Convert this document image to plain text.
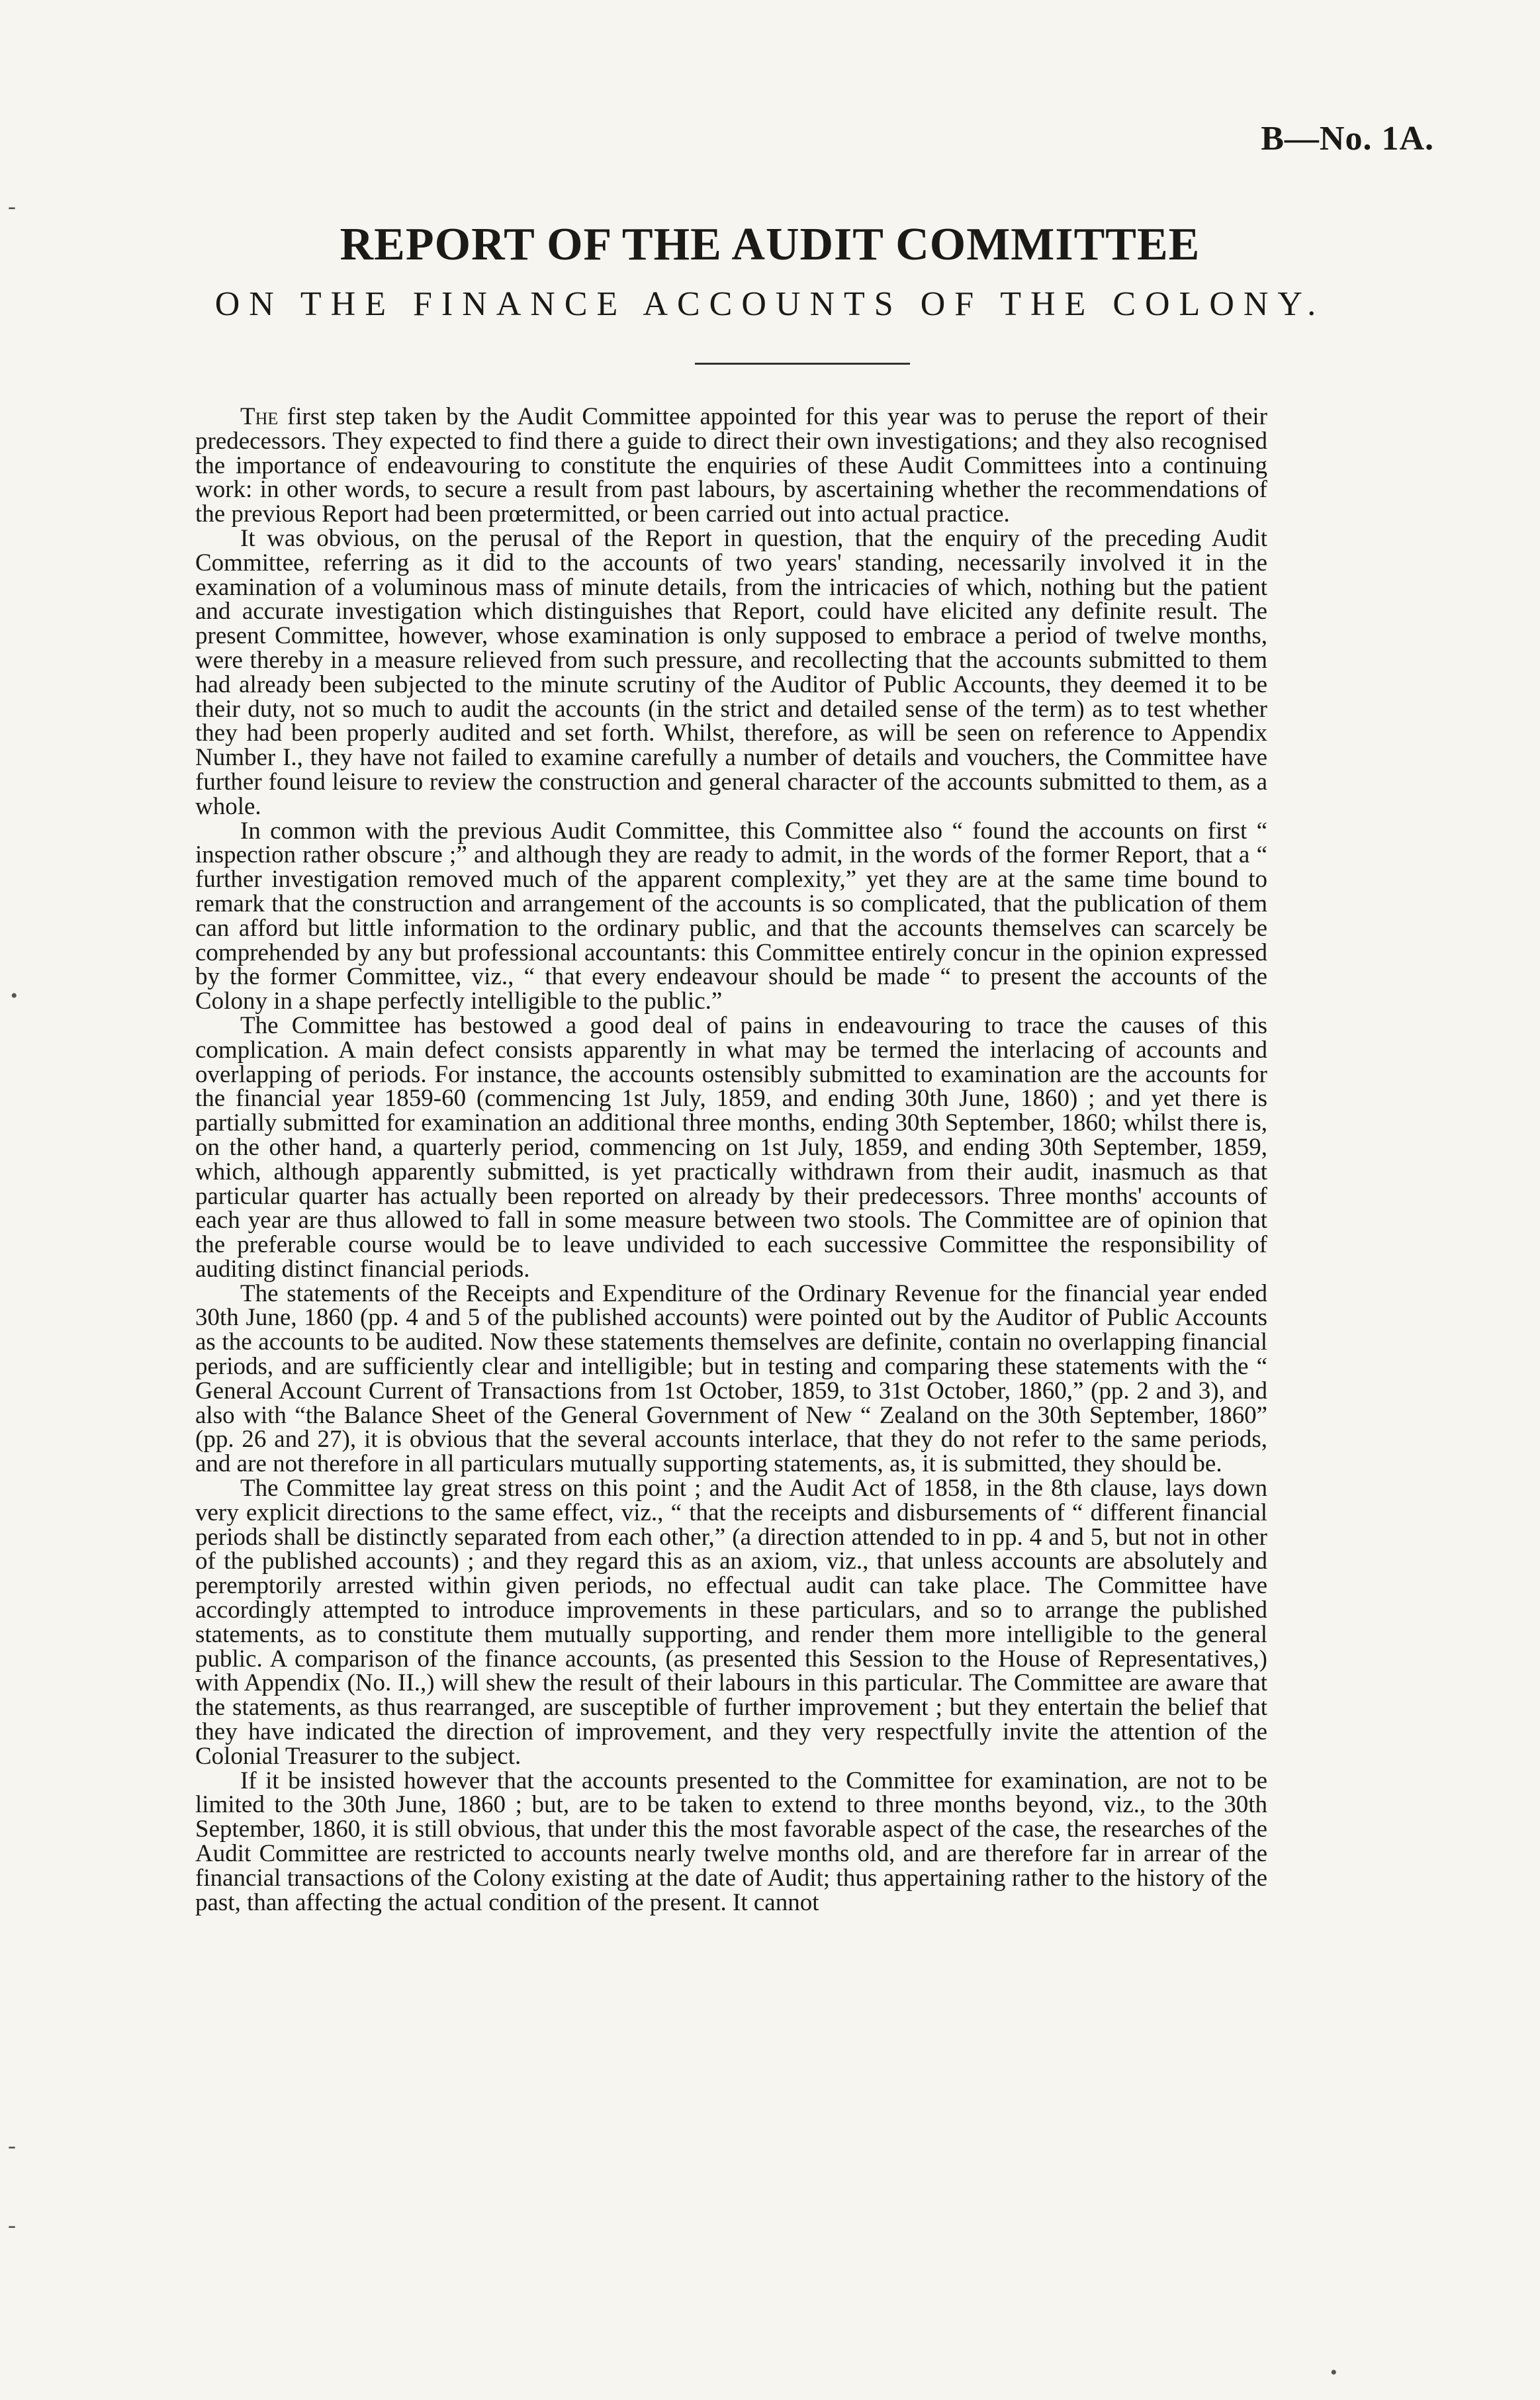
B—No. 1A.
REPORT OF THE AUDIT COMMITTEE
ON THE FINANCE ACCOUNTS OF THE COLONY.

The first step taken by the Audit Committee appointed for this year was to peruse the report of their predecessors. They expected to find there a guide to direct their own investigations; and they also recognised the importance of endeavouring to constitute the enquiries of these Audit Committees into a continuing work: in other words, to secure a result from past labours, by ascertaining whether the recommendations of the previous Report had been prœtermitted, or been carried out into actual practice.

It was obvious, on the perusal of the Report in question, that the enquiry of the preceding Audit Committee, referring as it did to the accounts of two years' standing, necessarily involved it in the examination of a voluminous mass of minute details, from the intricacies of which, nothing but the patient and accurate investigation which distinguishes that Report, could have elicited any definite result. The present Committee, however, whose examination is only supposed to embrace a period of twelve months, were thereby in a measure relieved from such pressure, and recollecting that the accounts submitted to them had already been subjected to the minute scrutiny of the Auditor of Public Accounts, they deemed it to be their duty, not so much to audit the accounts (in the strict and detailed sense of the term) as to test whether they had been properly audited and set forth. Whilst, therefore, as will be seen on reference to Appendix Number I., they have not failed to examine carefully a number of details and vouchers, the Committee have further found leisure to review the construction and general character of the accounts submitted to them, as a whole.

In common with the previous Audit Committee, this Committee also “ found the accounts on first “ inspection rather obscure ;” and although they are ready to admit, in the words of the former Report, that a “ further investigation removed much of the apparent complexity,” yet they are at the same time bound to remark that the construction and arrangement of the accounts is so complicated, that the publication of them can afford but little information to the ordinary public, and that the accounts themselves can scarcely be comprehended by any but professional accountants: this Committee entirely concur in the opinion expressed by the former Committee, viz., “ that every endeavour should be made “ to present the accounts of the Colony in a shape perfectly intelligible to the public.”

The Committee has bestowed a good deal of pains in endeavouring to trace the causes of this complication. A main defect consists apparently in what may be termed the interlacing of accounts and overlapping of periods. For instance, the accounts ostensibly submitted to examination are the accounts for the financial year 1859-60 (commencing 1st July, 1859, and ending 30th June, 1860) ; and yet there is partially submitted for examination an additional three months, ending 30th September, 1860; whilst there is, on the other hand, a quarterly period, commencing on 1st July, 1859, and ending 30th September, 1859, which, although apparently submitted, is yet practically withdrawn from their audit, inasmuch as that particular quarter has actually been reported on already by their predecessors. Three months' accounts of each year are thus allowed to fall in some measure between two stools. The Committee are of opinion that the preferable course would be to leave undivided to each successive Committee the responsibility of auditing distinct financial periods.

The statements of the Receipts and Expenditure of the Ordinary Revenue for the financial year ended 30th June, 1860 (pp. 4 and 5 of the published accounts) were pointed out by the Auditor of Public Accounts as the accounts to be audited. Now these statements themselves are definite, contain no overlapping financial periods, and are sufficiently clear and intelligible; but in testing and comparing these statements with the “ General Account Current of Transactions from 1st October, 1859, to 31st October, 1860,” (pp. 2 and 3), and also with “the Balance Sheet of the General Government of New “ Zealand on the 30th September, 1860” (pp. 26 and 27), it is obvious that the several accounts interlace, that they do not refer to the same periods, and are not therefore in all particulars mutually supporting statements, as, it is submitted, they should be.

The Committee lay great stress on this point ; and the Audit Act of 1858, in the 8th clause, lays down very explicit directions to the same effect, viz., “ that the receipts and disbursements of “ different financial periods shall be distinctly separated from each other,” (a direction attended to in pp. 4 and 5, but not in other of the published accounts) ; and they regard this as an axiom, viz., that unless accounts are absolutely and peremptorily arrested within given periods, no effectual audit can take place. The Committee have accordingly attempted to introduce improvements in these particulars, and so to arrange the published statements, as to constitute them mutually supporting, and render them more intelligible to the general public. A comparison of the finance accounts, (as presented this Session to the House of Representatives,) with Appendix (No. II.,) will shew the result of their labours in this particular. The Committee are aware that the statements, as thus rearranged, are susceptible of further improvement ; but they entertain the belief that they have indicated the direction of improvement, and they very respectfully invite the attention of the Colonial Treasurer to the subject.

If it be insisted however that the accounts presented to the Committee for examination, are not to be limited to the 30th June, 1860 ; but, are to be taken to extend to three months beyond, viz., to the 30th September, 1860, it is still obvious, that under this the most favorable aspect of the case, the researches of the Audit Committee are restricted to accounts nearly twelve months old, and are therefore far in arrear of the financial transactions of the Colony existing at the date of Audit; thus appertaining rather to the history of the past, than affecting the actual condition of the present. It cannot

-
•
-
-
•
